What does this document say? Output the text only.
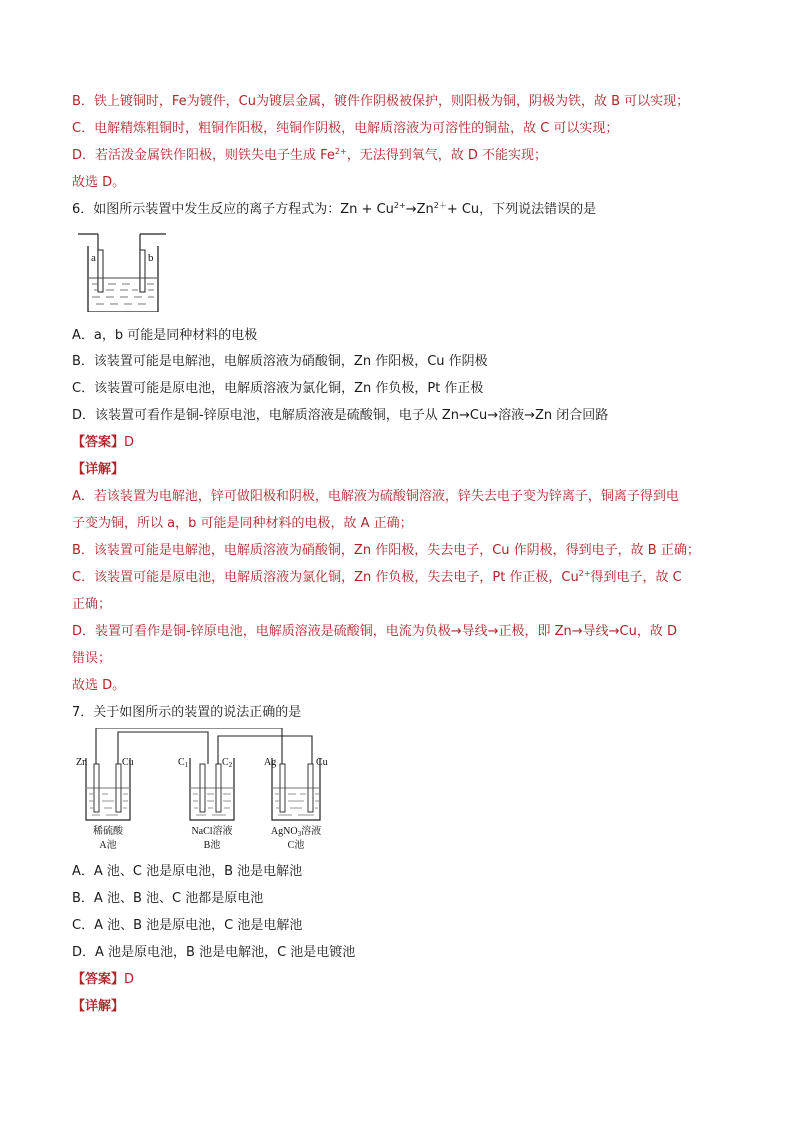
B．铁上镀铜时，Fe为镀件，Cu为镀层金属，镀件作阴极被保护，则阳极为铜，阴极为铁，故 B 可以实现；
C．电解精炼粗铜时，粗铜作阳极，纯铜作阴极，电解质溶液为可溶性的铜盐，故 C 可以实现；
D．若活泼金属铁作阳极，则铁失电子生成 $Fe^{2+}$，无法得到氧气，故 D 不能实现；
故选 D。
6．如图所示装置中发生反应的离子方程式为：$Zn + Cu^{2+}\to Zn^{2+}+ Cu$，下列说法错误的是
a	b
A．a，b 可能是同种材料的电极
B．该装置可能是电解池，电解质溶液为硝酸铜，Zn 作阳极，Cu 作阴极
C．该装置可能是原电池，电解质溶液为氯化铜，Zn 作负极，Pt 作正极
D．该装置可看作是铜-锌原电池，电解质溶液是硫酸铜，电子从 Zn→Cu→溶液→Zn 闭合回路
【答案】D
【详解】
A．若该装置为电解池，锌可做阳极和阴极，电解液为硫酸铜溶液，锌失去电子变为锌离子，铜离子得到电
子变为铜，所以 a，b 可能是同种材料的电极，故 A 正确；
B．该装置可能是电解池，电解质溶液为硝酸铜，Zn 作阳极，失去电子，Cu 作阴极，得到电子，故 B 正确；
C．该装置可能是原电池，电解质溶液为氯化铜，Zn 作负极，失去电子，Pt 作正极，$Cu^{2+}$得到电子，故 C
正确；
D．装置可看作是铜-锌原电池，电解质溶液是硫酸铜，电流为负极→导线→正极，即 Zn→导线→Cu，故 D
错误；
故选 D。
7．关于如图所示的装置的说法正确的是
Zn	Cu	$C_1$	$C_2$	Ag	Cu
稀硫酸
A池
NaCl溶液
B池
AgNO$_3$溶液
C池
A．A 池、C 池是原电池，B 池是电解池
B．A 池、B 池、C 池都是原电池
C．A 池、B 池是原电池，C 池是电解池
D．A 池是原电池，B 池是电解池，C 池是电镀池
【答案】D
【详解】
